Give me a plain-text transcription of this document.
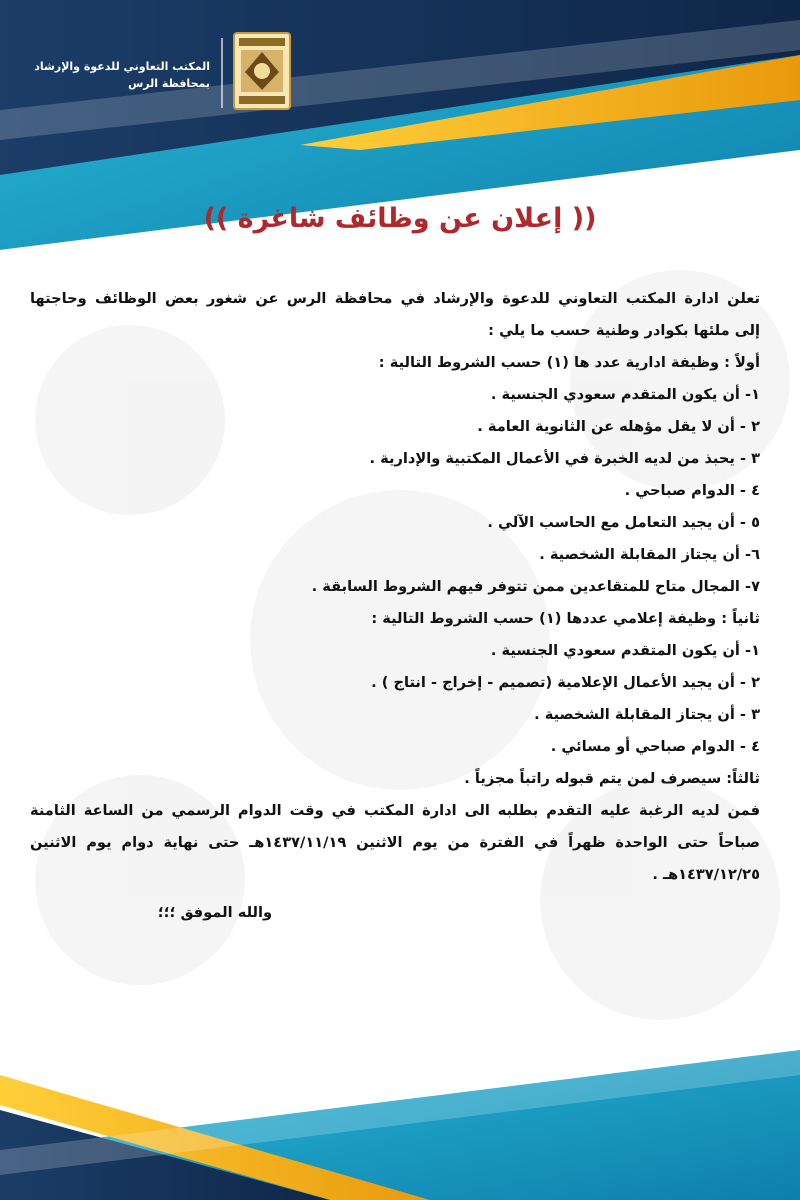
المكتب التعاوني للدعوة والإرشاد
بمحافظة الرس
(( إعلان عن وظائف شاغرة ))
تعلن ادارة المكتب التعاوني للدعوة والإرشاد في محافظة الرس عن شغور بعض الوظائف وحاجتها
إلى ملئها بكوادر وطنية حسب ما يلي :
أولاً : وظيفة ادارية عدد ها (١) حسب الشروط التالية :
١- أن يكون المتقدم سعودي الجنسية .
٢ - أن لا يقل مؤهله عن الثانوية العامة .
٣ - يحبذ من لديه الخبرة في الأعمال المكتبية والإدارية .
٤ - الدوام صباحي .
٥ - أن يجيد التعامل مع الحاسب الآلي .
٦- أن يجتاز المقابلة الشخصية .
٧- المجال متاح للمتقاعدين ممن تتوفر فيهم الشروط السابقة .
ثانياً : وظيفة إعلامي عددها (١) حسب الشروط التالية :
١- أن يكون المتقدم سعودي الجنسية .
٢ - أن يجيد الأعمال الإعلامية (تصميم - إخراج - انتاج ) .
٣ - أن يجتاز المقابلة الشخصية .
٤ - الدوام صباحي أو مسائي .
ثالثاً: سيصرف لمن يتم قبوله راتباً مجزياً .
فمن لديه الرغبة عليه التقدم بطلبه الى ادارة المكتب في وقت الدوام الرسمي من الساعة الثامنة
صباحاً حتى الواحدة ظهراً في الفترة من يوم الاثنين ١٤٣٧/١١/١٩هـ حتى نهاية دوام يوم الاثنين
١٤٣٧/١٢/٢٥هـ .
والله الموفق ؛؛؛
